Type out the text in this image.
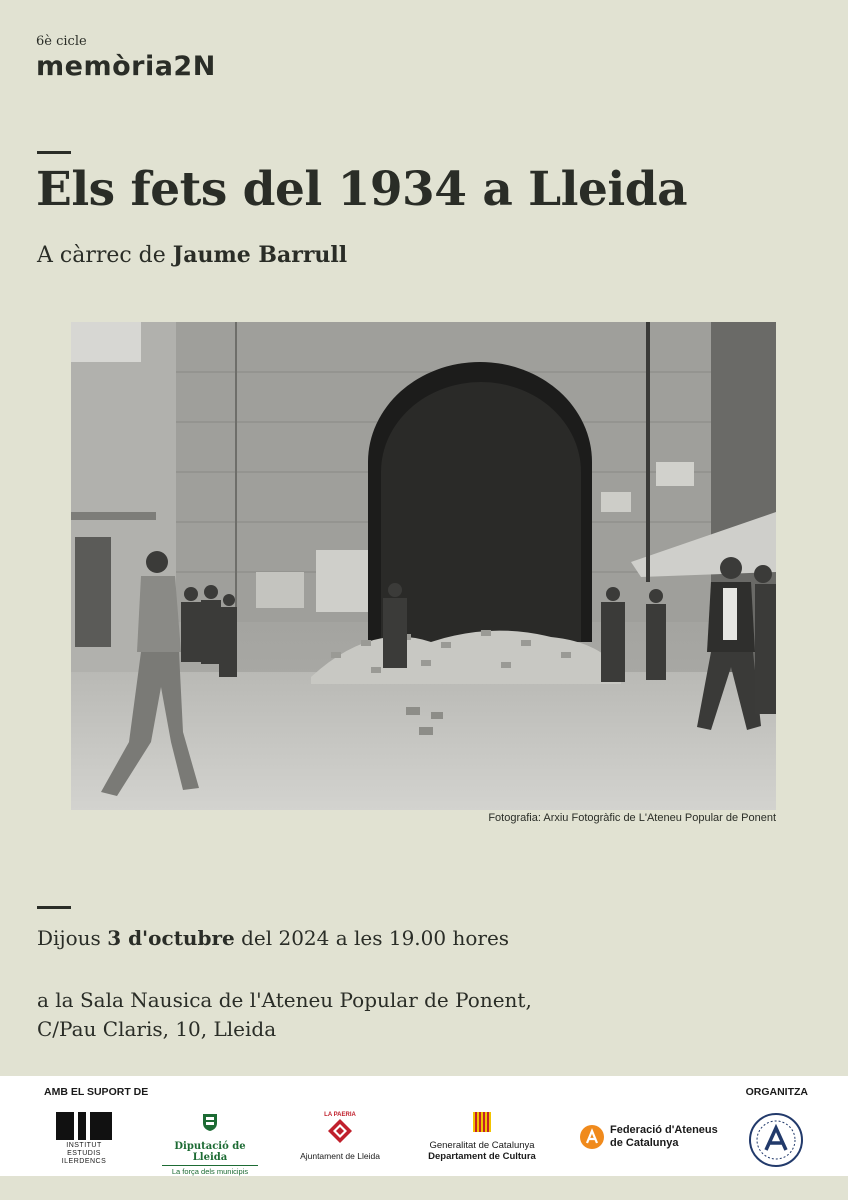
6è cicle
memòria2N
Els fets del 1934 a Lleida
A càrrec de Jaume Barrull
Fotografia: Arxiu Fotogràfic de L'Ateneu Popular de Ponent
Dijous 3 d'octubre del 2024 a les 19.00 hores
a la Sala Nausica de l'Ateneu Popular de Ponent,
C/Pau Claris, 10, Lleida
AMB EL SUPORT DE	ORGANITZA
INSTITUT ESTUDIS ILERDENCS
Diputació de Lleida
La força dels municipis
LA PAERIA
Ajuntament de Lleida
Generalitat de Catalunya
Departament de Cultura
Federació d'Ateneus
de Catalunya
